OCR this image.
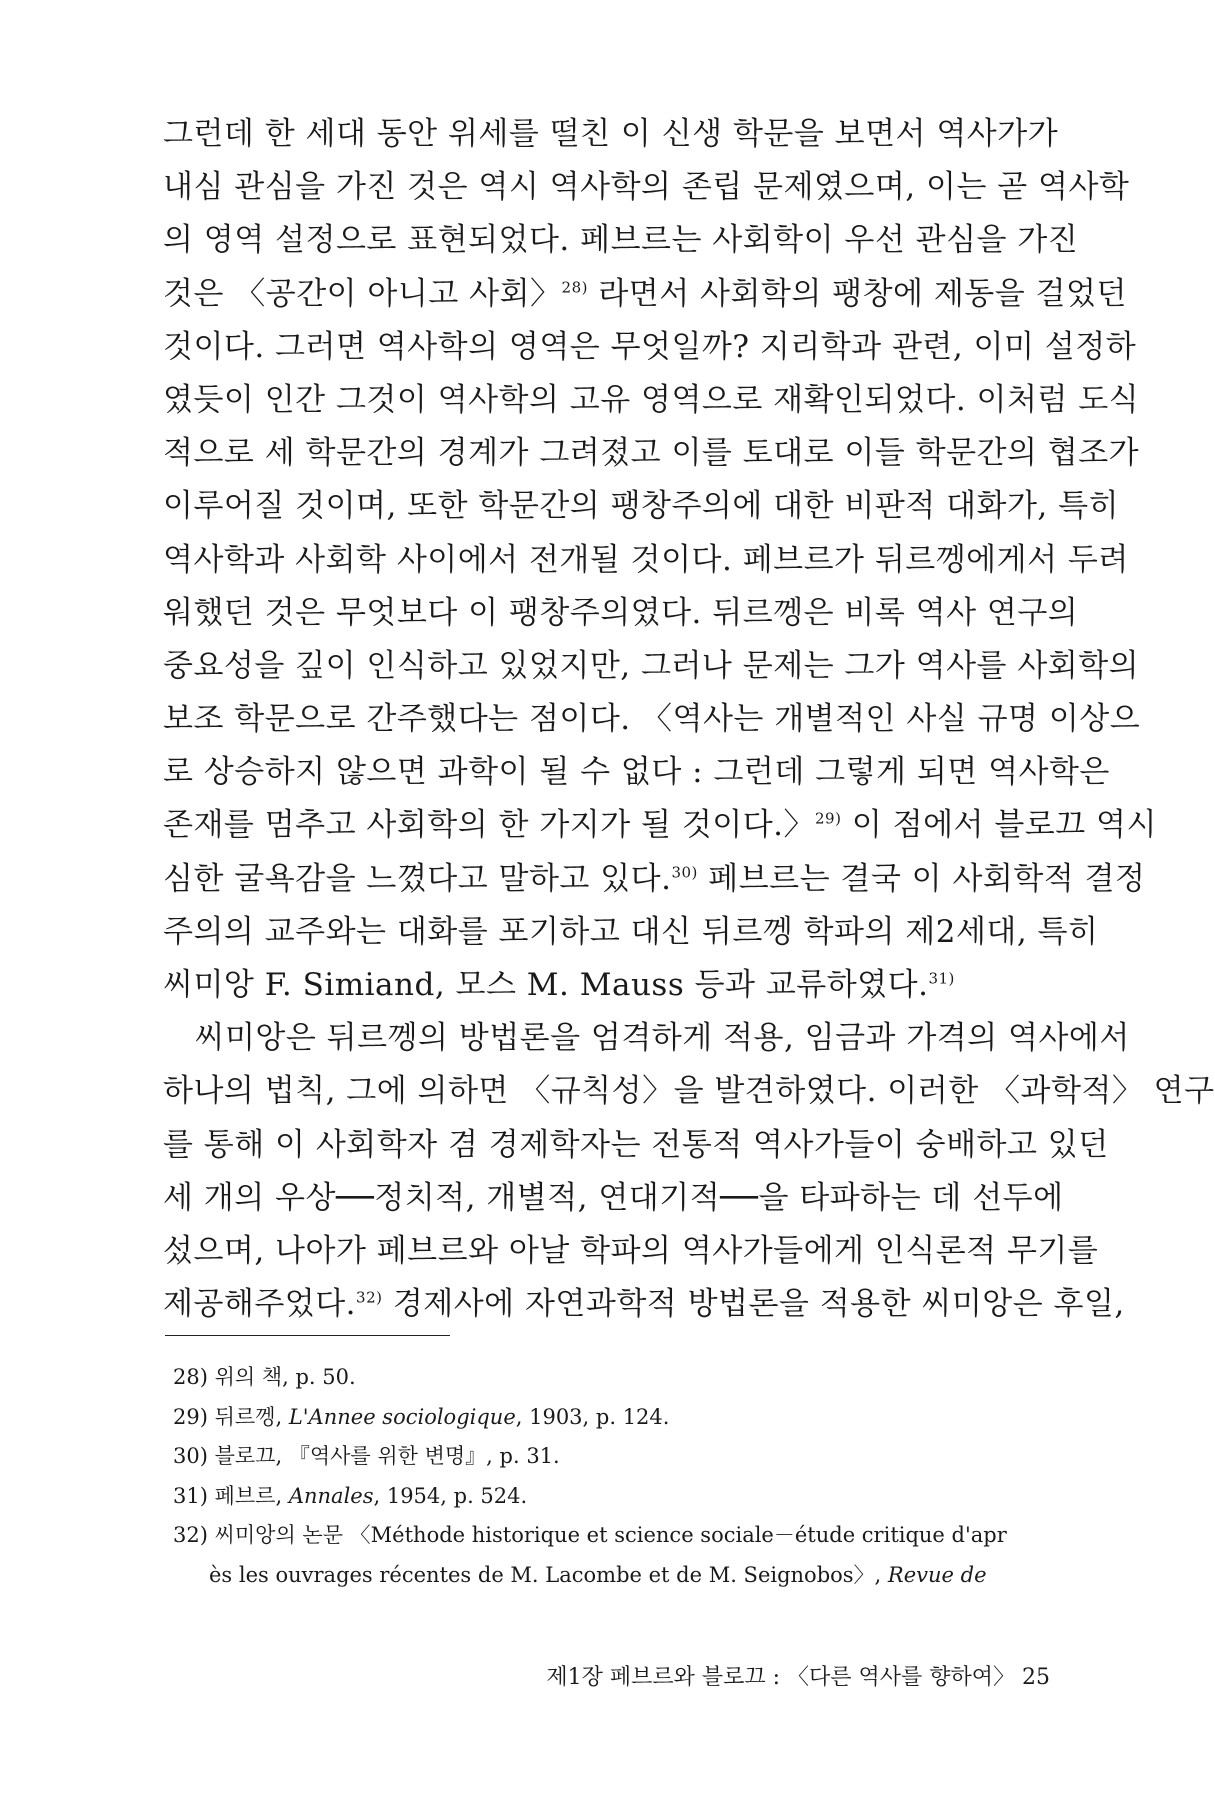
그런데 한 세대 동안 위세를 떨친 이 신생 학문을 보면서 역사가가
내심 관심을 가진 것은 역시 역사학의 존립 문제였으며, 이는 곧 역사학
의 영역 설정으로 표현되었다. 페브르는 사회학이 우선 관심을 가진
것은 〈공간이 아니고 사회〉$^{28)}$ 라면서 사회학의 팽창에 제동을 걸었던
것이다. 그러면 역사학의 영역은 무엇일까? 지리학과 관련, 이미 설정하
였듯이 인간 그것이 역사학의 고유 영역으로 재확인되었다. 이처럼 도식
적으로 세 학문간의 경계가 그려졌고 이를 토대로 이들 학문간의 협조가
이루어질 것이며, 또한 학문간의 팽창주의에 대한 비판적 대화가, 특히
역사학과 사회학 사이에서 전개될 것이다. 페브르가 뒤르껭에게서 두려
워했던 것은 무엇보다 이 팽창주의였다. 뒤르껭은 비록 역사 연구의
중요성을 깊이 인식하고 있었지만, 그러나 문제는 그가 역사를 사회학의
보조 학문으로 간주했다는 점이다. 〈역사는 개별적인 사실 규명 이상으
로 상승하지 않으면 과학이 될 수 없다 : 그런데 그렇게 되면 역사학은
존재를 멈추고 사회학의 한 가지가 될 것이다.〉$^{29)}$ 이 점에서 블로끄 역시
심한 굴욕감을 느꼈다고 말하고 있다.$^{30)}$ 페브르는 결국 이 사회학적 결정
주의의 교주와는 대화를 포기하고 대신 뒤르껭 학파의 제2세대, 특히
씨미앙 F. Simiand, 모스 M. Mauss 등과 교류하였다.$^{31)}$
　씨미앙은 뒤르껭의 방법론을 엄격하게 적용, 임금과 가격의 역사에서
하나의 법칙, 그에 의하면 〈규칙성〉을 발견하였다. 이러한 〈과학적〉 연구
를 통해 이 사회학자 겸 경제학자는 전통적 역사가들이 숭배하고 있던
세 개의 우상──정치적, 개별적, 연대기적──을 타파하는 데 선두에
섰으며, 나아가 페브르와 아날 학파의 역사가들에게 인식론적 무기를
제공해주었다.$^{32)}$ 경제사에 자연과학적 방법론을 적용한 씨미앙은 후일,
28) 위의 책, p. 50.
29) 뒤르껭, L'Annee sociologique, 1903, p. 124.
30) 블로끄, 『역사를 위한 변명』, p. 31.
31) 페브르, Annales, 1954, p. 524.
32) 씨미앙의 논문 〈Méthode historique et science sociale－étude critique d'apr
ès les ouvrages récentes de M. Lacombe et de M. Seignobos〉, Revue de
제1장 페브르와 블로끄 : 〈다른 역사를 향하여〉 25
